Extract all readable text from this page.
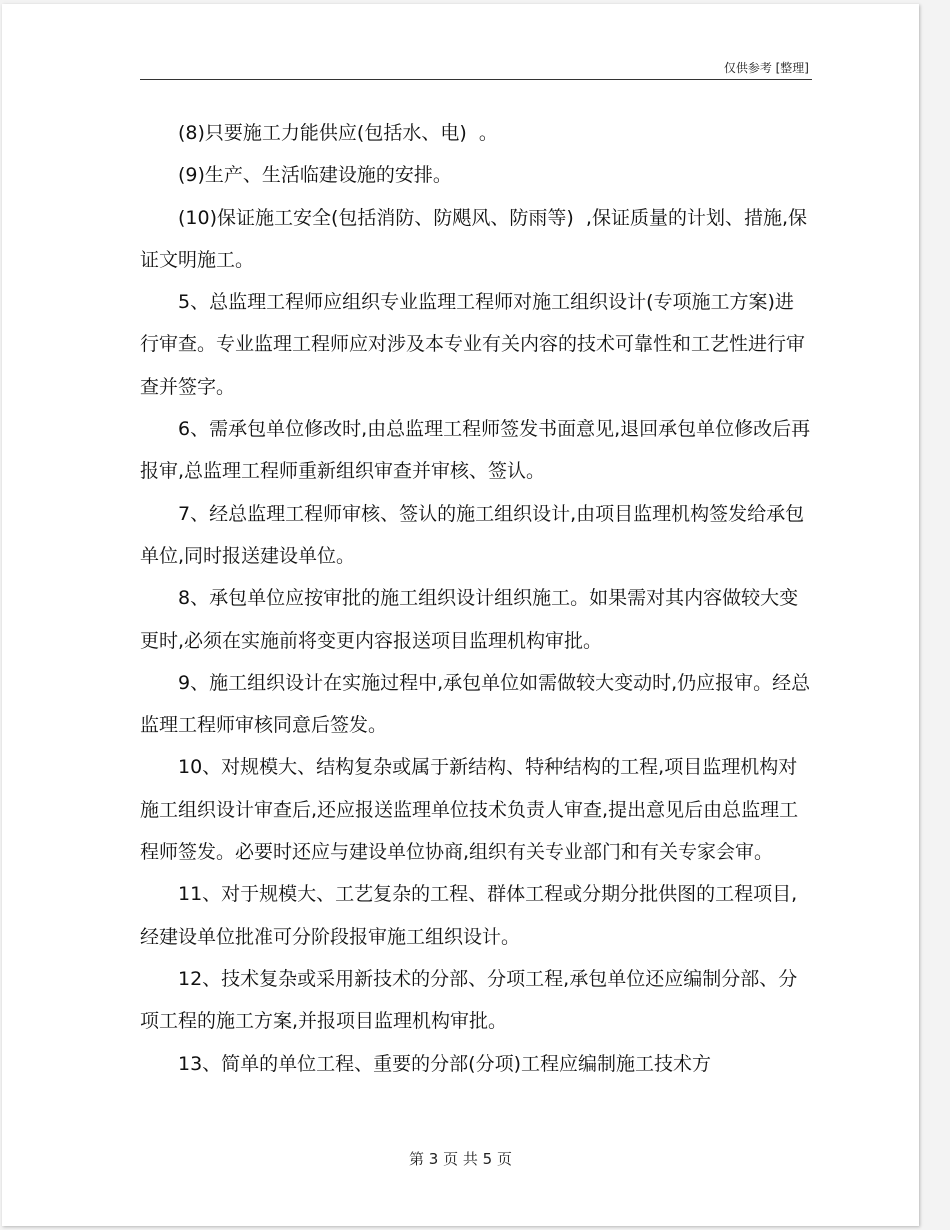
仅供参考 [整理]

(8)只要施工力能供应(包括水、电)  。

(9)生产、生活临建设施的安排。

(10)保证施工安全(包括消防、防飓风、防雨等)  ,保证质量的计划、措施,保证文明施工。

5、总监理工程师应组织专业监理工程师对施工组织设计(专项施工方案)进行审查。专业监理工程师应对涉及本专业有关内容的技术可靠性和工艺性进行审查并签字。

6、需承包单位修改时,由总监理工程师签发书面意见,退回承包单位修改后再报审,总监理工程师重新组织审查并审核、签认。

7、经总监理工程师审核、签认的施工组织设计,由项目监理机构签发给承包单位,同时报送建设单位。

8、承包单位应按审批的施工组织设计组织施工。如果需对其内容做较大变更时,必须在实施前将变更内容报送项目监理机构审批。

9、施工组织设计在实施过程中,承包单位如需做较大变动时,仍应报审。经总监理工程师审核同意后签发。

10、对规模大、结构复杂或属于新结构、特种结构的工程,项目监理机构对施工组织设计审查后,还应报送监理单位技术负责人审查,提出意见后由总监理工程师签发。必要时还应与建设单位协商,组织有关专业部门和有关专家会审。

11、对于规模大、工艺复杂的工程、群体工程或分期分批供图的工程项目,经建设单位批准可分阶段报审施工组织设计。

12、技术复杂或采用新技术的分部、分项工程,承包单位还应编制分部、分项工程的施工方案,并报项目监理机构审批。

13、简单的单位工程、重要的分部(分项)工程应编制施工技术方

第 3 页 共 5 页
